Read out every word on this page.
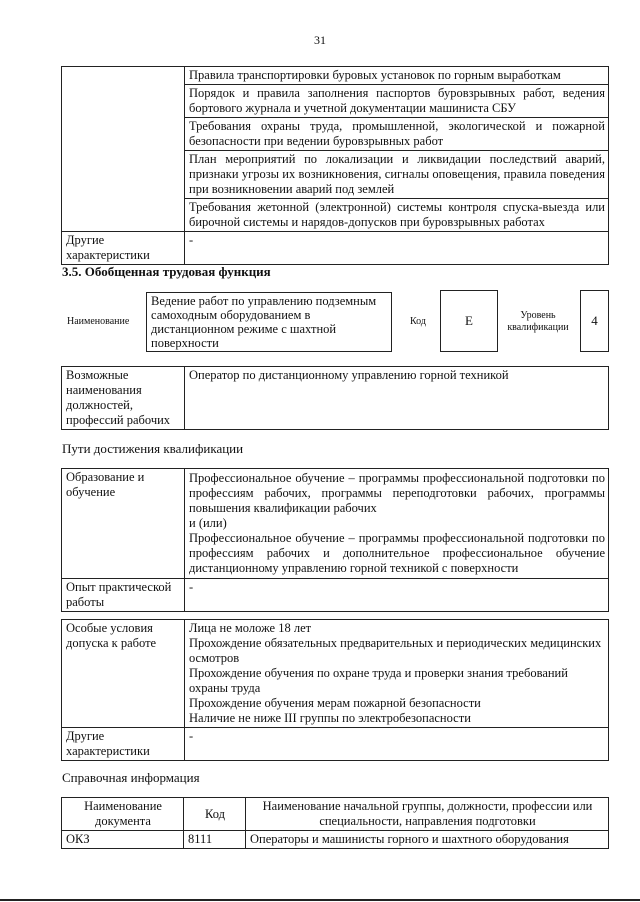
31
	Правила транспортировки буровых установок по горным выработкам
	Порядок и правила заполнения паспортов буровзрывных работ, ведения бортового журнала и учетной документации машиниста СБУ
	Требования охраны труда, промышленной, экологической и пожарной безопасности при ведении буровзрывных работ
	План мероприятий по локализации и ликвидации последствий аварий, признаки угрозы их возникновения, сигналы оповещения, правила поведения при возникновении аварий под землей
	Требования жетонной (электронной) системы контроля спуска-выезда или бирочной системы и нарядов-допусков при буровзрывных работах
Другие характеристики	-
3.5. Обобщенная трудовая функция
Наименование
Ведение работ по управлению подземным самоходным оборудованием в дистанционном режиме с шахтной поверхности
Код	E	Уровень квалификации	4
Возможные наименования должностей, профессий рабочих	Оператор по дистанционному управлению горной техникой
Пути достижения квалификации
Образование и обучение	Профессиональное обучение – программы профессиональной подготовки по профессиям рабочих, программы переподготовки рабочих, программы повышения квалификации рабочих
и (или)
Профессиональное обучение – программы профессиональной подготовки по профессиям рабочих и дополнительное профессиональное обучение дистанционному управлению горной техникой с поверхности

Опыт практической работы	-
Особые условия допуска к работе	Лица не моложе 18 лет
Прохождение обязательных предварительных и периодических медицинских осмотров
Прохождение обучения по охране труда и проверки знания требований охраны труда
Прохождение обучения мерам пожарной безопасности
Наличие не ниже III группы по электробезопасности

Другие характеристики	-
Справочная информация
Наименование документа	Код	Наименование начальной группы, должности, профессии или специальности, направления подготовки
ОКЗ	8111	Операторы и машинисты горного и шахтного оборудования
